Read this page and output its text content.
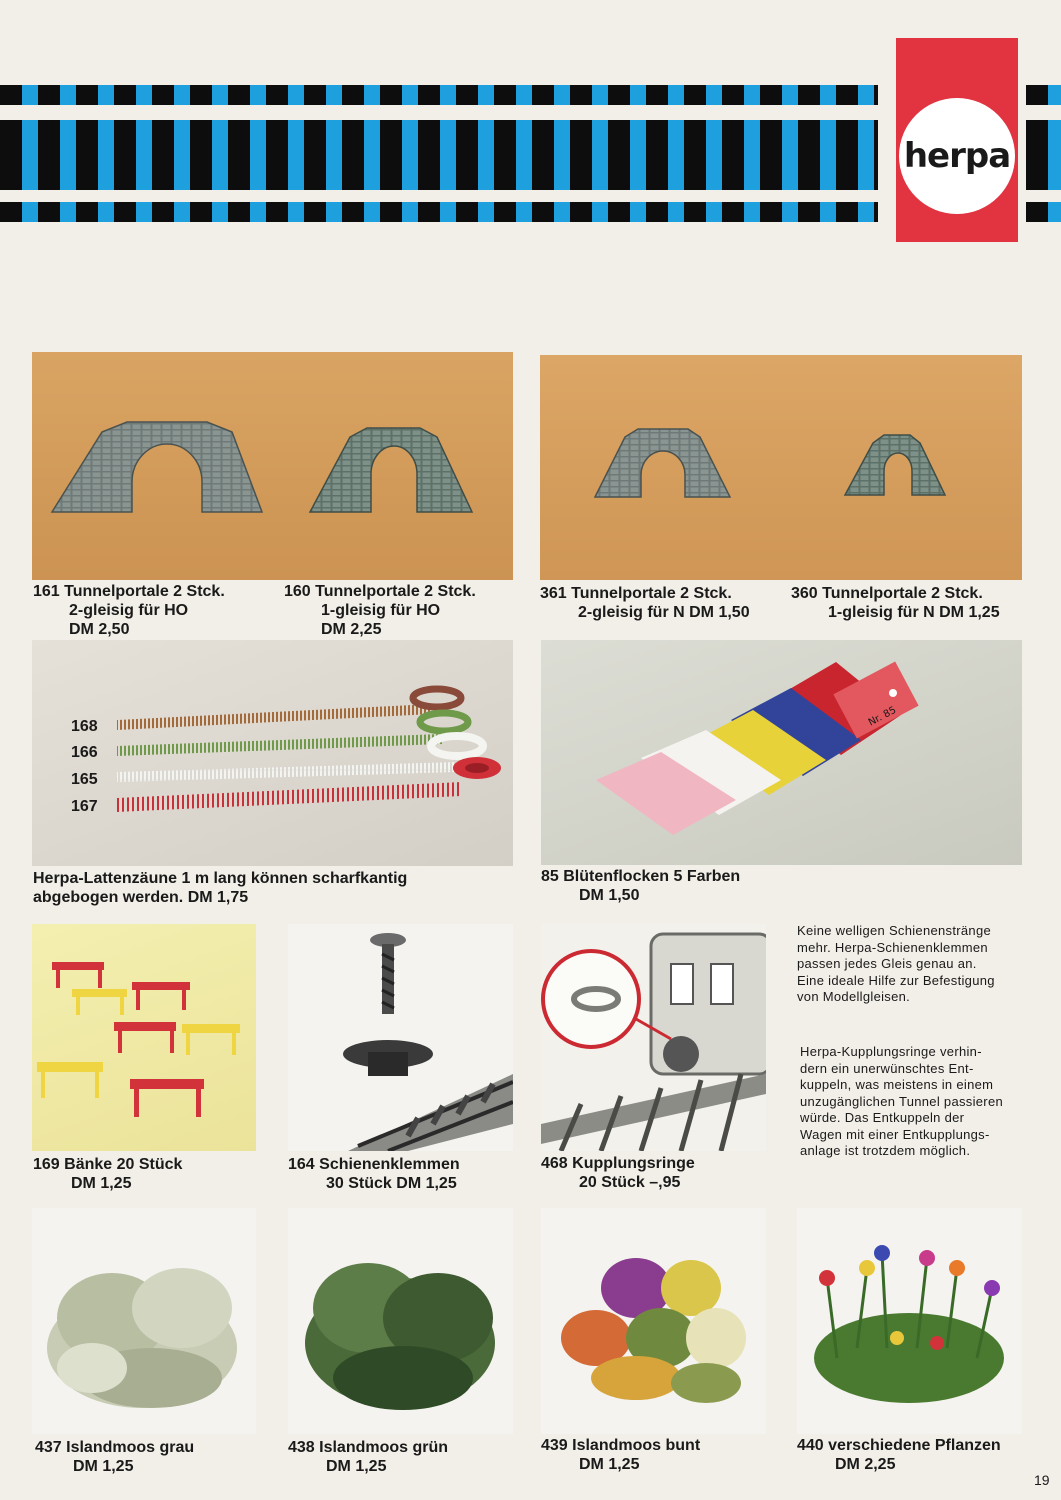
herpa
161 Tunnelportale 2 Stck.
2-gleisig für HO
DM 2,50
160 Tunnelportale 2 Stck.
1-gleisig für HO
DM 2,25
361 Tunnelportale 2 Stck.
2-gleisig für N DM 1,50
360 Tunnelportale 2 Stck.
1-gleisig für N DM 1,25
168
166
165
167
Nr. 85
Herpa-Lattenzäune 1 m lang können scharfkantig
abgebogen werden. DM 1,75
85 Blütenflocken 5 Farben
DM 1,50
169 Bänke 20 Stück
DM 1,25
164 Schienenklemmen
30 Stück DM 1,25
468 Kupplungsringe
20 Stück –,95
Keine welligen Schienenstränge
mehr. Herpa-Schienenklemmen
passen jedes Gleis genau an.
Eine ideale Hilfe zur Befestigung
von Modellgleisen.
Herpa-Kupplungsringe verhin-
dern ein unerwünschtes Ent-
kuppeln, was meistens in einem
unzugänglichen Tunnel passieren
würde. Das Entkuppeln der
Wagen mit einer Entkupplungs-
anlage ist trotzdem möglich.
437 Islandmoos grau
DM 1,25
438 Islandmoos grün
DM 1,25
439 Islandmoos bunt
DM 1,25
440 verschiedene Pflanzen
DM 2,25
19
